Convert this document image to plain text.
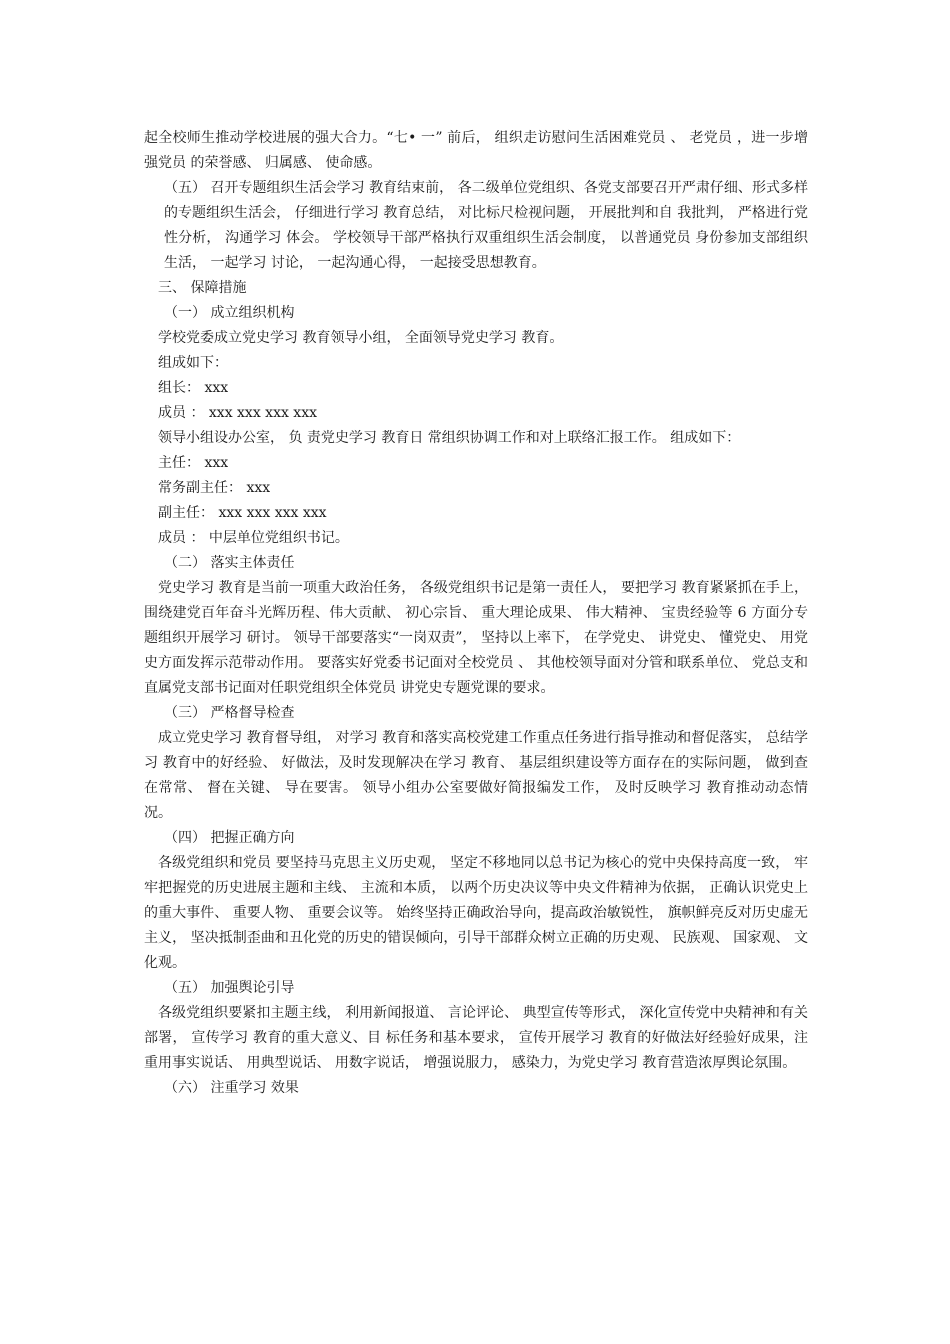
起全校师生推动学校进展的强大合力。“七• 一” 前后， 组织走访慰问生活困难党员 、 老党员 ，进一步增强党员 的荣誉感、 归属感、 使命感。

（五） 召开专题组织生活会学习 教育结束前， 各二级单位党组织、各党支部要召开严肃仔细、形式多样的专题组织生活会， 仔细进行学习 教育总结， 对比标尺检视问题， 开展批判和自 我批判， 严格进行党性分析， 沟通学习 体会。 学校领导干部严格执行双重组织生活会制度， 以普通党员 身份参加支部组织生活， 一起学习 讨论， 一起沟通心得， 一起接受思想教育。

三、 保障措施

（一） 成立组织机构

学校党委成立党史学习 教育领导小组， 全面领导党史学习 教育。

组成如下：

组长： xxx

成员 ： xxx xxx xxx xxx

领导小组设办公室， 负 责党史学习 教育日 常组织协调工作和对上联络汇报工作。 组成如下：

主任： xxx

常务副主任： xxx

副主任： xxx xxx xxx xxx

成员 ： 中层单位党组织书记。

（二） 落实主体责任

党史学习 教育是当前一项重大政治任务， 各级党组织书记是第一责任人， 要把学习 教育紧紧抓在手上， 围绕建党百年奋斗光辉历程、伟大贡献、 初心宗旨、 重大理论成果、 伟大精神、 宝贵经验等 6 方面分专题组织开展学习 研讨。 领导干部要落实“一岗双责”， 坚持以上率下， 在学党史、 讲党史、 懂党史、 用党史方面发挥示范带动作用。 要落实好党委书记面对全校党员 、 其他校领导面对分管和联系单位、 党总支和直属党支部书记面对任职党组织全体党员 讲党史专题党课的要求。

（三） 严格督导检查

成立党史学习 教育督导组， 对学习 教育和落实高校党建工作重点任务进行指导推动和督促落实， 总结学习 教育中的好经验、 好做法，及时发现解决在学习 教育、 基层组织建设等方面存在的实际问题， 做到查在常常、 督在关键、 导在要害。 领导小组办公室要做好简报编发工作， 及时反映学习 教育推动动态情况。

（四） 把握正确方向

各级党组织和党员 要坚持马克思主义历史观， 坚定不移地同以总书记为核心的党中央保持高度一致， 牢牢把握党的历史进展主题和主线、 主流和本质， 以两个历史决议等中央文件精神为依据， 正确认识党史上的重大事件、 重要人物、 重要会议等。 始终坚持正确政治导向，提高政治敏锐性， 旗帜鲜亮反对历史虚无主义， 坚决抵制歪曲和丑化党的历史的错误倾向，引导干部群众树立正确的历史观、 民族观、 国家观、 文化观。

（五） 加强舆论引导

各级党组织要紧扣主题主线， 利用新闻报道、 言论评论、 典型宣传等形式， 深化宣传党中央精神和有关部署， 宣传学习 教育的重大意义、目 标任务和基本要求， 宣传开展学习 教育的好做法好经验好成果，注重用事实说话、 用典型说话、 用数字说话， 增强说服力， 感染力，为党史学习 教育营造浓厚舆论氛围。

（六） 注重学习 效果
